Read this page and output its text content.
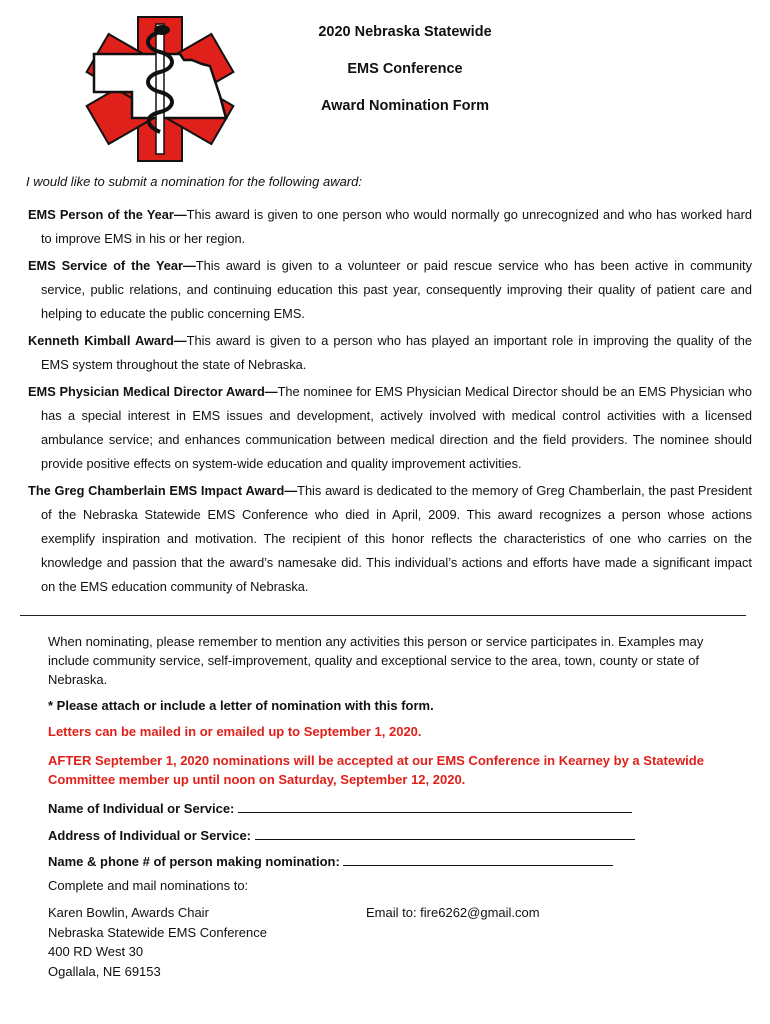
2020 Nebraska Statewide
EMS Conference
Award Nomination Form
I would like to submit a nomination for the following award:

EMS Person of the Year—This award is given to one person who would normally go unrecognized and who has worked hard to improve EMS in his or her region.

EMS Service of the Year—This award is given to a volunteer or paid rescue service who has been active in community service, public relations, and continuing education this past year, consequently improving their quality of patient care and helping to educate the public concerning EMS.

Kenneth Kimball Award—This award is given to a person who has played an important role in improving the quality of the EMS system throughout the state of Nebraska.

EMS Physician Medical Director Award—The nominee for EMS Physician Medical Director should be an EMS Physician who has a special interest in EMS issues and development, actively involved with medical control activities with a licensed ambulance service; and enhances communication between medical direction and the field providers. The nominee should provide positive effects on system-wide education and quality improvement activities.

The Greg Chamberlain EMS Impact Award—This award is dedicated to the memory of Greg Chamberlain, the past President of the Nebraska Statewide EMS Conference who died in April, 2009. This award recognizes a person whose actions exemplify inspiration and motivation. The recipient of this honor reflects the characteristics of one who carries on the knowledge and passion that the award’s namesake did. This individual’s actions and efforts have made a significant impact on the EMS education community of Nebraska.

When nominating, please remember to mention any activities this person or service participates in. Examples may include community service, self-improvement, quality and exceptional service to the area, town, county or state of Nebraska.
* Please attach or include a letter of nomination with this form.
Letters can be mailed in or emailed up to September 1, 2020.
AFTER September 1, 2020 nominations will be accepted at our EMS Conference in Kearney by a Statewide Committee member up until noon on Saturday, September 12, 2020.
Name of Individual or Service:
Address of Individual or Service:
Name & phone # of person making nomination:
Complete and mail nominations to:
Karen Bowlin, Awards Chair
Nebraska Statewide EMS Conference
400 RD West 30
Ogallala, NE 69153
Email to: fire6262@gmail.com
